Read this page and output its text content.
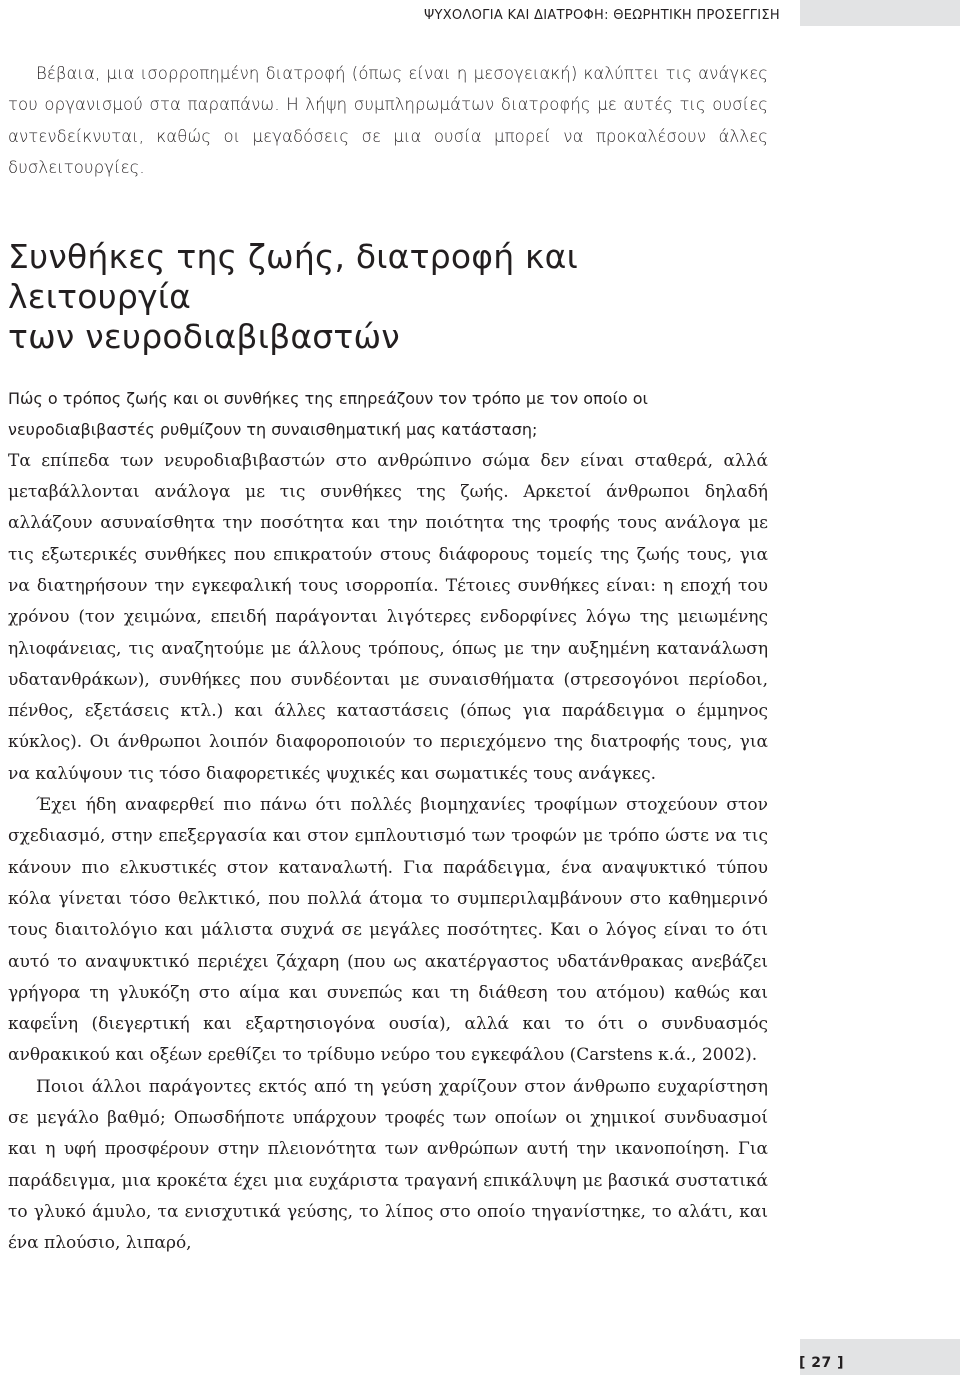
ΨΥΧΟΛΟΓΙΑ ΚΑΙ ΔΙΑΤΡΟΦΗ: ΘΕΩΡΗΤΙΚΗ ΠΡΟΣΕΓΓΙΣΗ

Βέβαια, μια ισορροπημένη διατροφή (όπως είναι η μεσογειακή) καλύπτει τις ανάγκες του οργανισμού στα παραπάνω. Η λήψη συμπληρωμάτων διατροφής με αυτές τις ουσίες αντενδείκνυται, καθώς οι μεγαδόσεις σε μια ουσία μπορεί να προκαλέσουν άλλες δυσλειτουργίες.

Συνθήκες της ζωής, διατροφή και λειτουργία
των νευροδιαβιβαστών

Πώς ο τρόπος ζωής και οι συνθήκες της επηρεάζουν τον τρόπο με τον οποίο οι νευροδιαβιβαστές ρυθμίζουν τη συναισθηματική μας κατάσταση;

Τα επίπεδα των νευροδιαβιβαστών στο ανθρώπινο σώμα δεν είναι σταθερά, αλλά μεταβάλλονται ανάλογα με τις συνθήκες της ζωής. Αρκετοί άνθρωποι δηλαδή αλλάζουν ασυναίσθητα την ποσότητα και την ποιότητα της τροφής τους ανάλογα με τις εξωτερικές συνθήκες που επικρατούν στους διάφορους τομείς της ζωής τους, για να διατηρήσουν την εγκεφαλική τους ισορροπία. Τέτοιες συνθήκες είναι: η εποχή του χρόνου (τον χειμώνα, επειδή παράγονται λιγότερες ενδορφίνες λόγω της μειωμένης ηλιοφάνειας, τις αναζητούμε με άλλους τρόπους, όπως με την αυξημένη κατανάλωση υδατανθράκων), συνθήκες που συνδέονται με συναισθήματα (στρεσογόνοι περίοδοι, πένθος, εξετάσεις κτλ.) και άλλες καταστάσεις (όπως για παράδειγμα ο έμμηνος κύκλος). Οι άνθρωποι λοιπόν διαφοροποιούν το περιεχόμενο της διατροφής τους, για να καλύψουν τις τόσο διαφορετικές ψυχικές και σωματικές τους ανάγκες.

Έχει ήδη αναφερθεί πιο πάνω ότι πολλές βιομηχανίες τροφίμων στοχεύουν στον σχεδιασμό, στην επεξεργασία και στον εμπλουτισμό των τροφών με τρόπο ώστε να τις κάνουν πιο ελκυστικές στον καταναλωτή. Για παράδειγμα, ένα αναψυκτικό τύπου κόλα γίνεται τόσο θελκτικό, που πολλά άτομα το συμπεριλαμβάνουν στο καθημερινό τους διαιτολόγιο και μάλιστα συχνά σε μεγάλες ποσότητες. Και ο λόγος είναι το ότι αυτό το αναψυκτικό περιέχει ζάχαρη (που ως ακατέργαστος υδατάνθρακας ανεβάζει γρήγορα τη γλυκόζη στο αίμα και συνεπώς και τη διάθεση του ατόμου) καθώς και καφεΐνη (διεγερτική και εξαρτησιογόνα ουσία), αλλά και το ότι ο συνδυασμός ανθρακικού και οξέων ερεθίζει το τρίδυμο νεύρο του εγκεφάλου (Carstens κ.ά., 2002).

Ποιοι άλλοι παράγοντες εκτός από τη γεύση χαρίζουν στον άνθρωπο ευχαρίστηση σε μεγάλο βαθμό; Οπωσδήποτε υπάρχουν τροφές των οποίων οι χημικοί συνδυασμοί και η υφή προσφέρουν στην πλειονότητα των ανθρώπων αυτή την ικανοποίηση. Για παράδειγμα, μια κροκέτα έχει μια ευχάριστα τραγανή επικάλυψη με βασικά συστατικά το γλυκό άμυλο, τα ενισχυτικά γεύσης, το λίπος στο οποίο τηγανίστηκε, το αλάτι, και ένα πλούσιο, λιπαρό,

[ 27 ]
